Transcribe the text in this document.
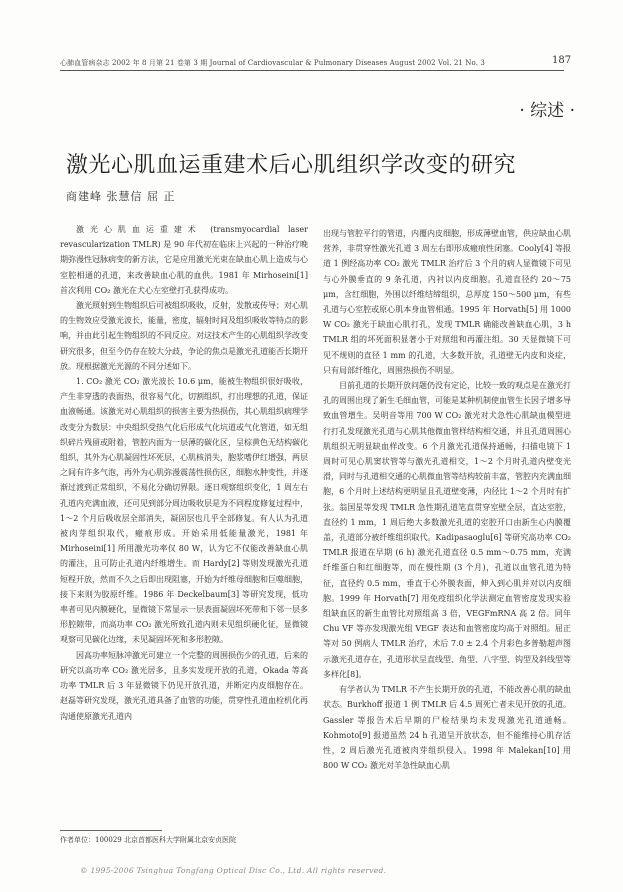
心肺血管病杂志 2002 年 8 月第 21 卷第 3 期 Journal of Cardiovascular & Pulmonary Diseases August 2002 Vol. 21 No. 3	187
· 综述 ·
激光心肌血运重建术后心肌组织学改变的研究
商建峰 张慧信 屈 正

激光心肌血运重建术 (transmyocardial laser revascularization TMLR) 是 90 年代初在临床上兴起的一种治疗晚期弥漫性冠脉病变的新方法，它是应用激光光束在缺血心肌上造成与心室腔相通的孔道，来改善缺血心肌的血供。1981 年 Mirhoseini[1] 首次利用 CO₂ 激光在犬心左室壁打孔获得成功。

激光照射到生物组织后可被组织吸收，反射，发散或传导；对心肌的生物效应受激光波长，能量，密度，辐射时间及组织吸收等特点的影响，并由此引起生物组织的不同反应。对这技术产生的心肌组织学改变研究很多，但至今仍存在较大分歧，争论的焦点是激光孔道能否长期开放。现根据激光光源的不同分述如下。

1. CO₂ 激光 CO₂ 激光波长 10.6 μm，能被生物组织很好吸收，产生非穿透的表面热，很容易气化，切割组织，打出理想的孔道，保证血液畅通。该激光对心肌组织的损害主要为热损伤，其心肌组织病理学改变分为数层：中央组织受热气化后形成气化坑道或气化管道，如无组织碎片残留或附着，管腔内面为一层薄的碳化区，呈棕黄色无结构碳化组织，其外为心肌凝固性坏死层，心肌核消失，胞浆嗜伊红增强，两层之间有许多气泡，再外为心肌弥漫震荡性损伤区，细胞水肿变性，并逐渐过渡到正常组织，不易化分确切界限。逐日观察组织变化，1 周左右孔道内充满血液，还可见到部分周边吸收层是为不同程度修复过程中，1～2 个月后吸收层全部消失，凝固层也几乎全部修复。有人认为孔道被肉芽组织取代，瘢痕形成。开始采用低能量激光，1981 年 Mirhoseini[1] 所用激光功率仅 80 W，认为它不仅能改善缺血心肌的灌注，且可防止孔道内纤维增生。而 Hardy[2] 等则发现激光孔道短程开放，然而不久之后即出现阻塞，开始为纤维母细胞和巨噬细胞，接下来则为胶原纤维。1986 年 Deckelbaum[3] 等研究发现，低功率者可见内膜硬化，显微镜下常显示一层表面凝固坏死带和下邻一层多形腔隙带，而高功率 CO₂ 激光所致孔道内则未见组织硬化征，显微镜观察可见碳化边缘，未见凝固坏死和多形腔隙。

因高功率短脉冲激光可建立一个完整的周围损伤少的孔道，后来的研究以高功率 CO₂ 激光居多，且多实发现开放的孔道，Okada 等高功率 TMLR 后 3 年显微镜下仍见开放孔道，并断定内皮细胞存在。赵磊等研究发现，激光孔道具备了血管的功能，贯穿性孔道血栓机化再沟通使原激光孔道内

出现与管腔平行的管道，内覆内皮细胞，形成薄壁血管，供应缺血心肌营养，非贯穿性激光孔道 3 周左右即形成瘢痕性闭塞。Cooly[4] 等报道 1 例经高功率 CO₂ 激光 TMLR 治疗后 3 个月的病人显微镜下可见与心外膜垂直的 9 条孔道，内衬以内皮细胞。孔道直径约 20～75 μm，含红细胞，外围以纤维结缔组织，总厚度 150～500 μm，有些孔道与心室腔或原心肌本身血管相通。1995 年 Horvath[5] 用 1000 W CO₂ 激光于缺血心肌打孔，发现 TMLR 确能改善缺血心肌，3 h TMLR 组的坏死面积显著小于对照组和再灌注组。30 天显微镜下可见不规则的直径 1 mm 的孔道，大多数开放，孔道壁无内皮和炎症，只有局部纤维化，周围热损伤不明显。

目前孔道的长期开放问题仍没有定论，比较一致的观点是在激光打孔的周围出现了新生毛细血管，可能是某种机制使血管生长因子增多导致血管增生。吴明音等用 700 W CO₂ 激光对犬急性心肌缺血模型进行打孔发现激光孔道与心肌其他微血管样结构相交通，并且孔道周围心肌组织无明显缺血样改变。6 个月激光孔道保持通畅，扫描电镜下 1 周时可见心肌窦状管等与激光孔道相交，1～2 个月时孔道内壁变光滑，同时与孔道相交通的心肌微血管等结构较前丰富，管腔内充满血细胞，6 个月时上述结构更明显且孔道壁变薄，内径比 1～2 个月时有扩张。翁国星等发现 TMLR 急性期孔道笔直贯穿室壁全层，直达室腔，直径约 1 mm，1 周后绝大多数激光孔道的室腔开口由新生心内膜覆盖，孔道部分被纤维组织取代。Kadipasaoglu[6] 等研究高功率 CO₂ TMLR 报道在早期 (6 h) 激光孔道直径 0.5 mm～0.75 mm，充满纤维蛋白和红细胞等，而在慢性期 (3 个月)，孔道以血管孔道为特征，直径约 0.5 mm，垂直于心外膜表面，伸入到心肌并对以内皮细胞。1999 年 Horvath[7] 用免疫组织化学法测定血管密度发现实验组缺血区的新生血管比对照组高 3 倍，VEGFmRNA 高 2 倍。同年 Chu VF 等亦发现激光组 VEGF 表达和血管密度均高于对照组。屈正等对 50 例病人 TMLR 治疗，术后 7.0 ± 2.4 个月彩色多普勒超声图示激光孔道存在，孔道形状呈直线型、角型、八字型、钩型及斜线型等多样化[8]。

有学者认为 TMLR 不产生长期开放的孔道，不能改善心肌的缺血状态。Burkhoff 报道 1 例 TMLR 后 4.5 周死亡者未见开放的孔道。Gassler 等报告术后早期的尸检结果均未发现激光孔道通畅。Kohmoto[9] 报道虽然 24 h 孔道呈开放状态，但不能维持心肌存活性，2 周后激光孔道被肉芽组织侵入。1998 年 Malekan[10] 用 800 W CO₂ 激光对羊急性缺血心肌

作者单位：100029 北京首都医科大学附属北京安贞医院
© 1995-2006 Tsinghua Tongfang Optical Disc Co., Ltd. All rights reserved.
